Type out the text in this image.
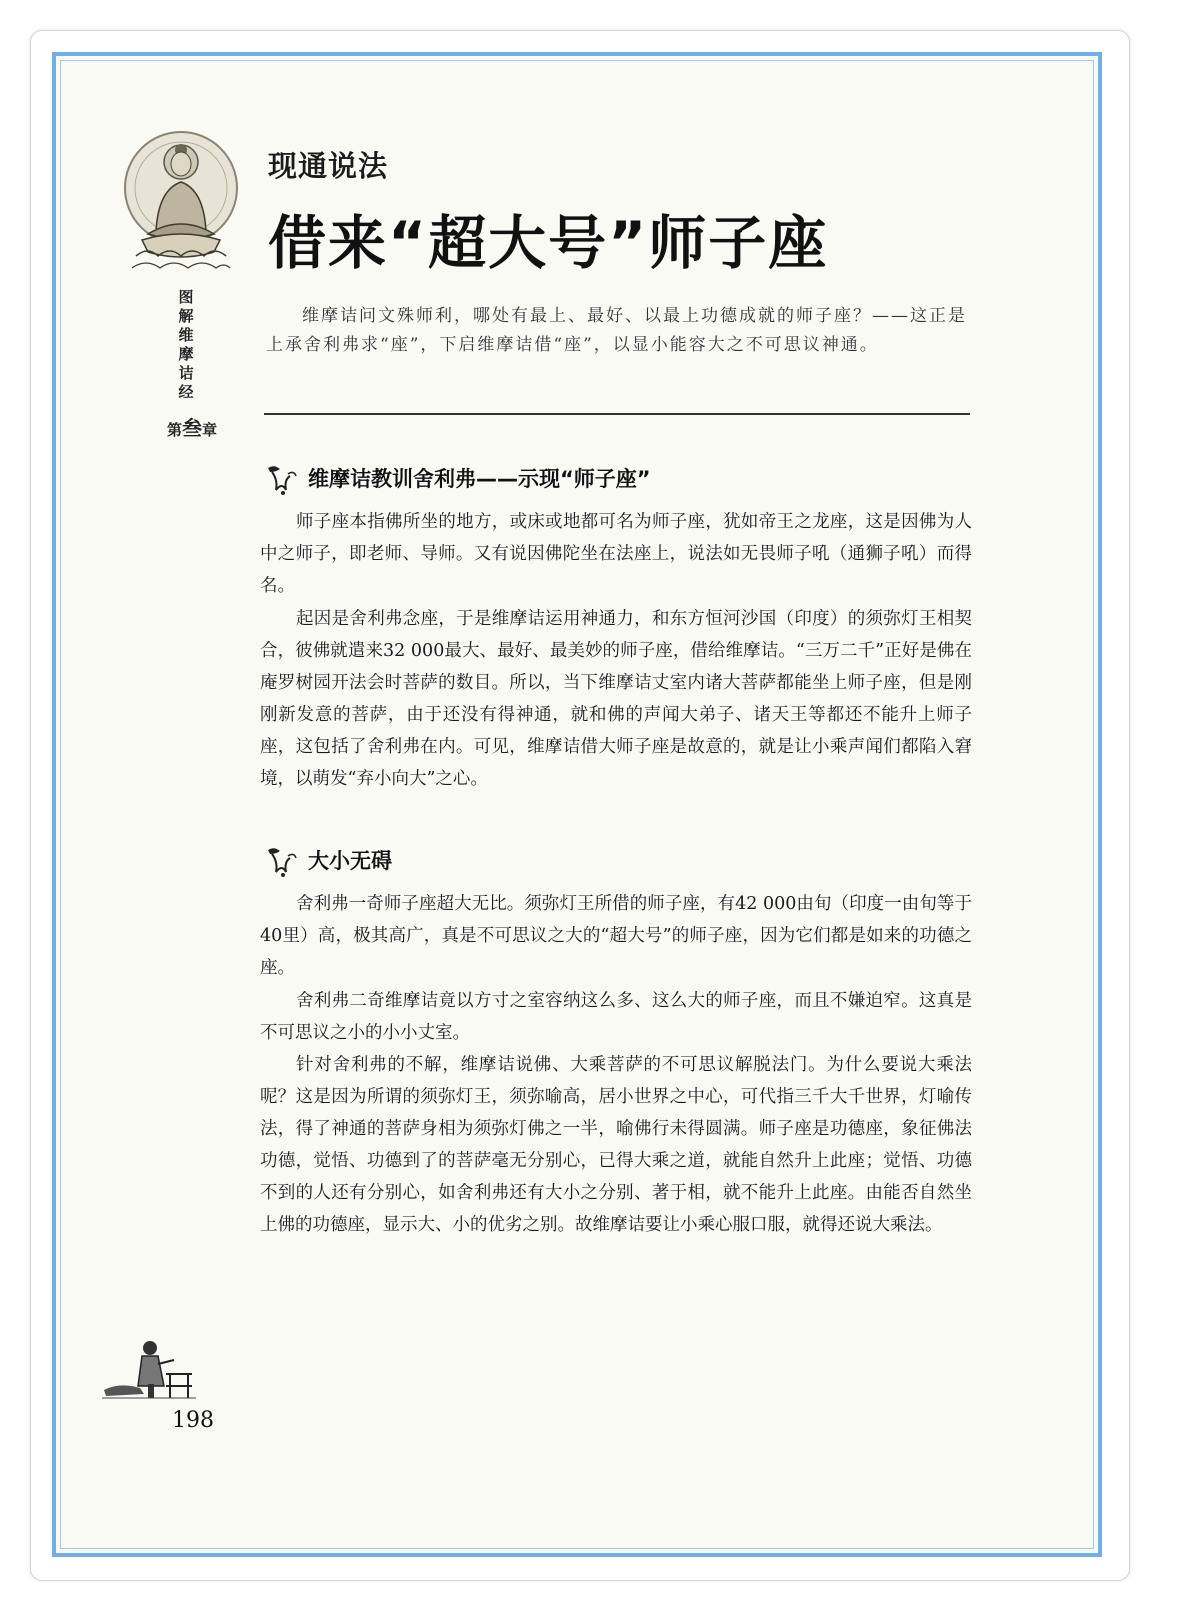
图
解
维
摩
诘
经
第叁章
现通说法
借来“超大号”师子座
维摩诘问文殊师利，哪处有最上、最好、以最上功德成就的师子座？——这正是上承舍利弗求“座”，下启维摩诘借“座”，以显小能容大之不可思议神通。
维摩诘教训舍利弗——示现“师子座”

师子座本指佛所坐的地方，或床或地都可名为师子座，犹如帝王之龙座，这是因佛为人中之师子，即老师、导师。又有说因佛陀坐在法座上，说法如无畏师子吼（通狮子吼）而得名。

起因是舍利弗念座，于是维摩诘运用神通力，和东方恒河沙国（印度）的须弥灯王相契合，彼佛就遣来32 000最大、最好、最美妙的师子座，借给维摩诘。“三万二千”正好是佛在庵罗树园开法会时菩萨的数目。所以，当下维摩诘丈室内诸大菩萨都能坐上师子座，但是刚刚新发意的菩萨，由于还没有得神通，就和佛的声闻大弟子、诸天王等都还不能升上师子座，这包括了舍利弗在内。可见，维摩诘借大师子座是故意的，就是让小乘声闻们都陷入窘境，以萌发“弃小向大”之心。

大小无碍

舍利弗一奇师子座超大无比。须弥灯王所借的师子座，有42 000由旬（印度一由旬等于40里）高，极其高广，真是不可思议之大的“超大号”的师子座，因为它们都是如来的功德之座。

舍利弗二奇维摩诘竟以方寸之室容纳这么多、这么大的师子座，而且不嫌迫窄。这真是不可思议之小的小小丈室。

针对舍利弗的不解，维摩诘说佛、大乘菩萨的不可思议解脱法门。为什么要说大乘法呢？这是因为所谓的须弥灯王，须弥喻高，居小世界之中心，可代指三千大千世界，灯喻传法，得了神通的菩萨身相为须弥灯佛之一半，喻佛行未得圆满。师子座是功德座，象征佛法功德，觉悟、功德到了的菩萨毫无分别心，已得大乘之道，就能自然升上此座；觉悟、功德不到的人还有分别心，如舍利弗还有大小之分别、著于相，就不能升上此座。由能否自然坐上佛的功德座，显示大、小的优劣之别。故维摩诘要让小乘心服口服，就得还说大乘法。

198
